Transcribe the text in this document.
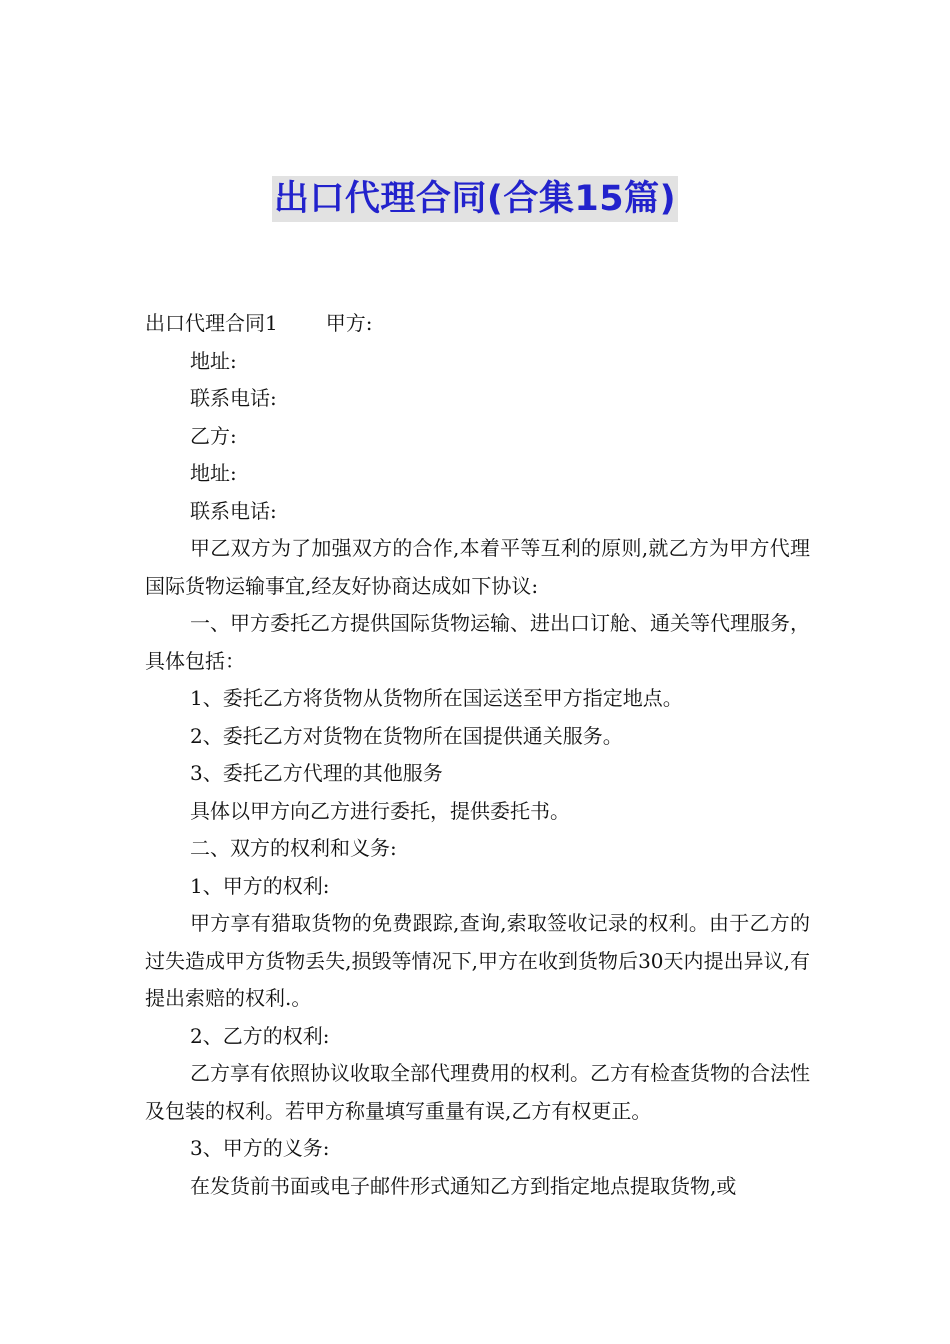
出口代理合同(合集15篇)

出口代理合同1 甲方:

地址:

联系电话:

乙方:

地址:

联系电话:

甲乙双方为了加强双方的合作,本着平等互利的原则,就乙方为甲方代理国际货物运输事宜,经友好协商达成如下协议:

一、甲方委托乙方提供国际货物运输、进出口订舱、通关等代理服务，具体包括：

1、委托乙方将货物从货物所在国运送至甲方指定地点。

2、委托乙方对货物在货物所在国提供通关服务。

3、委托乙方代理的其他服务

具体以甲方向乙方进行委托，提供委托书。

二、双方的权利和义务:

1、甲方的权利:

甲方享有猎取货物的免费跟踪,查询,索取签收记录的权利。由于乙方的过失造成甲方货物丢失,损毁等情况下,甲方在收到货物后30天内提出异议,有提出索赔的权利.。

2、乙方的权利:

乙方享有依照协议收取全部代理费用的权利。乙方有检查货物的合法性及包装的权利。若甲方称量填写重量有误,乙方有权更正。

3、甲方的义务:

在发货前书面或电子邮件形式通知乙方到指定地点提取货物,或
